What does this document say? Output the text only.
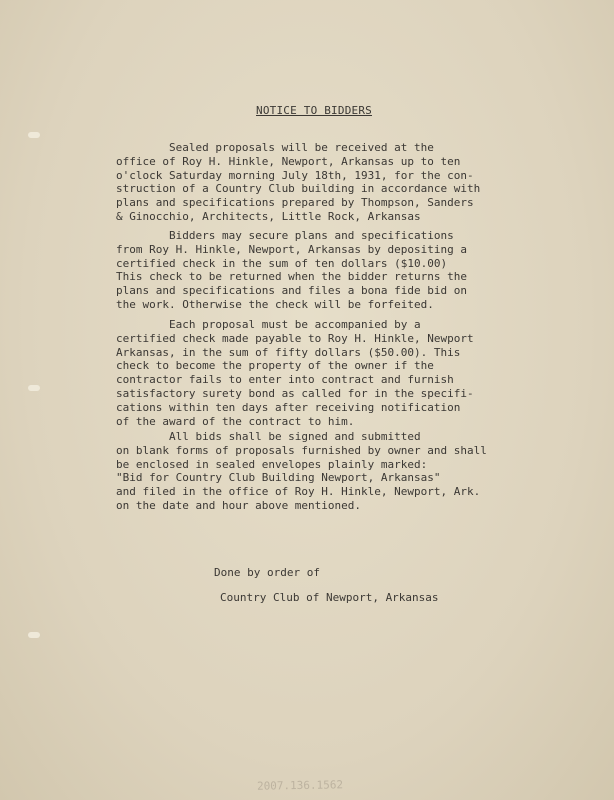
NOTICE TO BIDDERS
Sealed proposals will be received at the
office of Roy H. Hinkle, Newport, Arkansas up to ten
o'clock Saturday morning July 18th, 1931, for the con-
struction of a Country Club building in accordance with
plans and specifications prepared by Thompson, Sanders
& Ginocchio, Architects, Little Rock, Arkansas
Bidders may secure plans and specifications
from Roy H. Hinkle, Newport, Arkansas by depositing a
certified check in the sum of ten dollars ($10.00)
This check to be returned when the bidder returns the
plans and specifications and files a bona fide bid on
the work. Otherwise the check will be forfeited.
Each proposal must be accompanied by a
certified check made payable to Roy H. Hinkle, Newport
Arkansas, in the sum of fifty dollars ($50.00). This
check to become the property of the owner if the
contractor fails to enter into contract and furnish
satisfactory surety bond as called for in the specifi-
cations within ten days after receiving notification
of the award of the contract to him.
All bids shall be signed and submitted
on blank forms of proposals furnished by owner and shall
be enclosed in sealed envelopes plainly marked:
"Bid for Country Club Building Newport, Arkansas"
and filed in the office of Roy H. Hinkle, Newport, Ark.
on the date and hour above mentioned.
Done by order of
Country Club of Newport, Arkansas
2007.136.1562
